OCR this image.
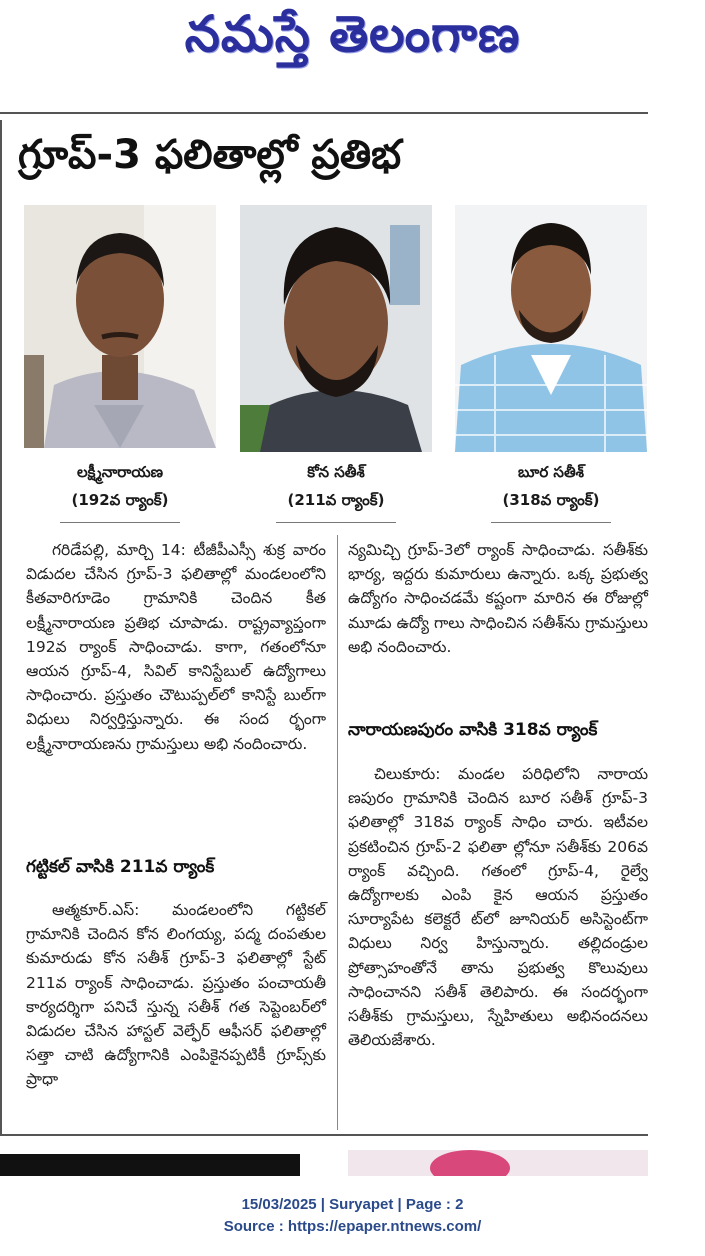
నమస్తే తెలంగాణ
గ్రూప్‌-3 ఫలితాల్లో ప్రతిభ
లక్ష్మీనారాయణ
(192వ ర్యాంక్‌)
కోన సతీశ్‌
(211వ ర్యాంక్‌)
బూర సతీశ్‌
(318వ ర్యాంక్‌)

గరిడేపల్లి, మార్చి 14: టీజీపీఎస్సీ శుక్ర వారం విడుదల చేసిన గ్రూప్‌-3 ఫలితాల్లో మండలంలోని కీతవారిగూడెం గ్రామానికి చెందిన కీత లక్ష్మీనారాయణ ప్రతిభ చూపాడు. రాష్ట్రవ్యాప్తంగా 192వ ర్యాంక్‌ సాధించాడు. కాగా, గతంలోనూ ఆయన గ్రూప్‌-4, సివిల్‌ కానిస్టేబుల్‌ ఉద్యోగాలు సాధించారు. ప్రస్తుతం చౌటుప్పల్‌లో కానిస్టే బుల్‌గా విధులు నిర్వర్తిస్తున్నారు. ఈ సంద ర్భంగా లక్ష్మీనారాయణను గ్రామస్తులు అభి నందించారు.

గట్టికల్‌ వాసికి 211వ ర్యాంక్‌

ఆత్మకూర్‌.ఎస్‌: మండలంలోని గట్టికల్‌ గ్రామానికి చెందిన కోన లింగయ్య, పద్మ దంపతుల కుమారుడు కోన సతీశ్‌ గ్రూప్‌-3 ఫలితాల్లో స్టేట్‌ 211వ ర్యాంక్‌ సాధించాడు. ప్రస్తుతం పంచాయతీ కార్యదర్శిగా పనిచే స్తున్న సతీశ్‌ గత సెప్టెంబర్‌లో విడుదల చేసిన హాస్టల్‌ వెల్ఫేర్‌ ఆఫీసర్‌ ఫలితాల్లో సత్తా చాటి ఉద్యోగానికి ఎంపికైనప్పటికీ గ్రూప్స్‌కు ప్రాధా

న్యమిచ్చి గ్రూప్‌-3లో ర్యాంక్‌ సాధించాడు. సతీశ్‌కు భార్య, ఇద్దరు కుమారులు ఉన్నారు. ఒక్క ప్రభుత్వ ఉద్యోగం సాధించడమే కష్టంగా మారిన ఈ రోజుల్లో మూడు ఉద్యో గాలు సాధించిన సతీశ్‌ను గ్రామస్తులు అభి నందించారు.

నారాయణపురం వాసికి 318వ ర్యాంక్‌

చిలుకూరు: మండల పరిధిలోని నారాయ ణపురం గ్రామానికి చెందిన బూర సతీశ్‌ గ్రూప్‌-3 ఫలితాల్లో 318వ ర్యాంక్‌ సాధిం చారు. ఇటీవల ప్రకటించిన గ్రూప్‌-2 ఫలితా ల్లోనూ సతీశ్‌కు 206వ ర్యాంక్‌ వచ్చింది. గతంలో గ్రూప్‌-4, రైల్వే ఉద్యోగాలకు ఎంపి కైన ఆయన ప్రస్తుతం సూర్యాపేట కలెక్టరే ట్‌లో జూనియర్‌ అసిస్టెంట్‌గా విధులు నిర్వ హిస్తున్నారు. తల్లిదండ్రుల ప్రోత్సాహంతోనే తాను ప్రభుత్వ కొలువులు సాధించానని సతీశ్‌ తెలిపారు. ఈ సందర్భంగా సతీశ్‌కు గ్రామస్తులు, స్నేహితులు అభినందనలు తెలియజేశారు.

15/03/2025 | Suryapet | Page : 2
Source : https://epaper.ntnews.com/
